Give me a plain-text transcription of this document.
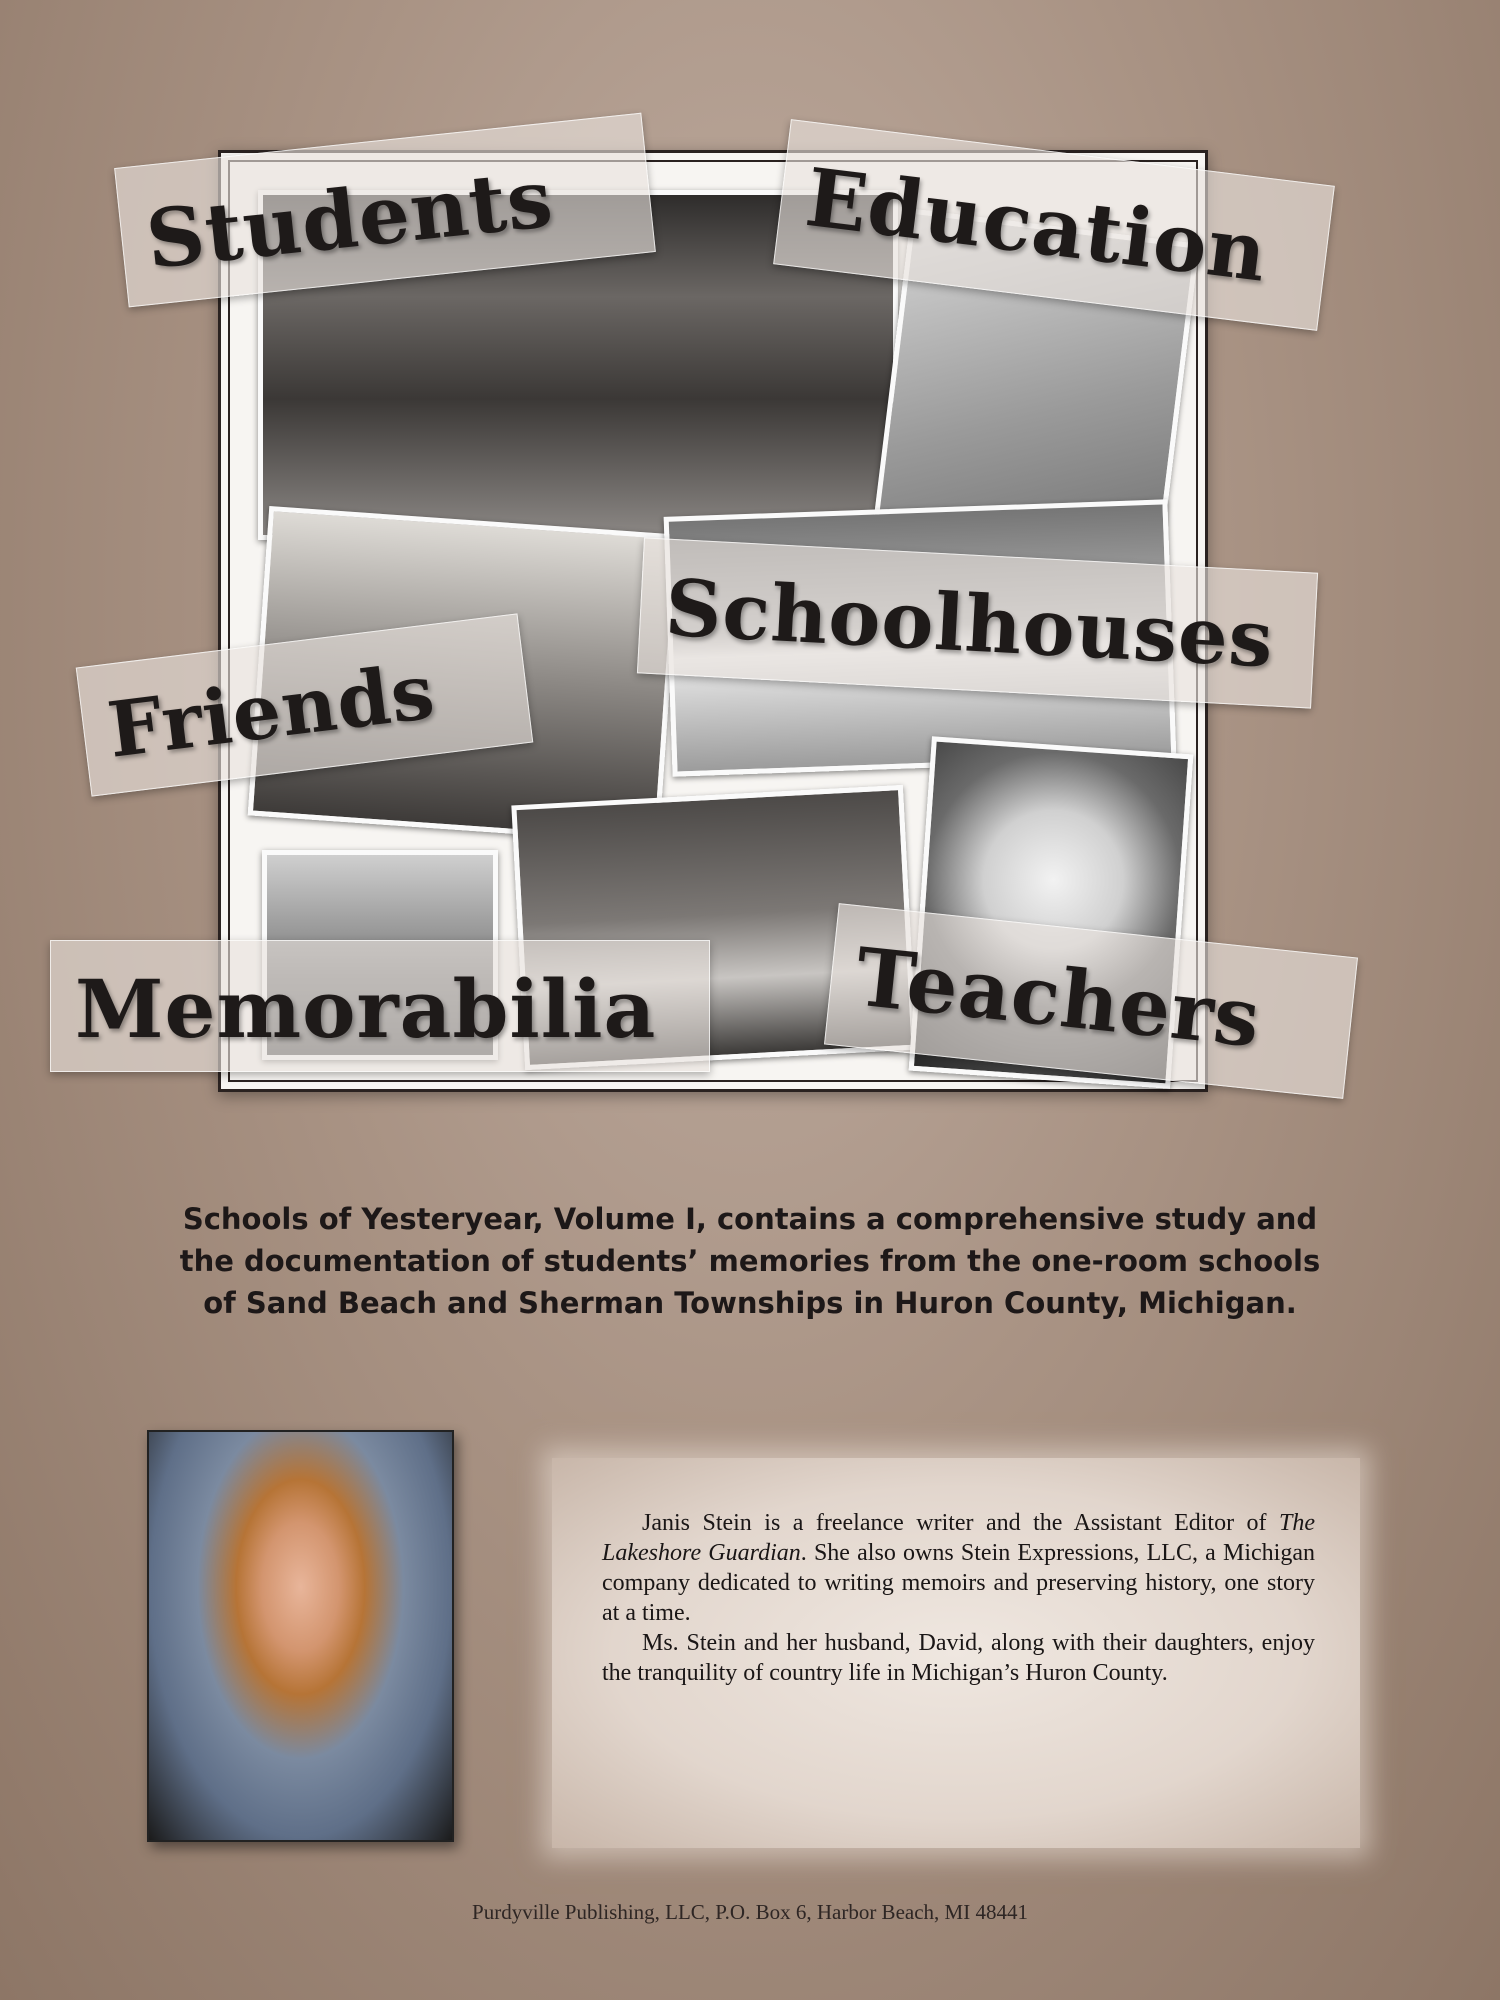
Students	Education
Schoolhouses
Friends
Memorabilia	Teachers
Schools of Yesteryear, Volume I, contains a comprehensive study and
the documentation of students’ memories from the one-room schools
of Sand Beach and Sherman Townships in Huron County, Michigan.

Janis Stein is a freelance writer and the Assistant Editor of The Lakeshore Guardian. She also owns Stein Expressions, LLC, a Michigan company dedicated to writing memoirs and preserving history, one story at a time.

Ms. Stein and her husband, David, along with their daughters, enjoy the tranquility of country life in Michigan’s Huron County.

Purdyville Publishing, LLC, P.O. Box 6, Harbor Beach, MI 48441
